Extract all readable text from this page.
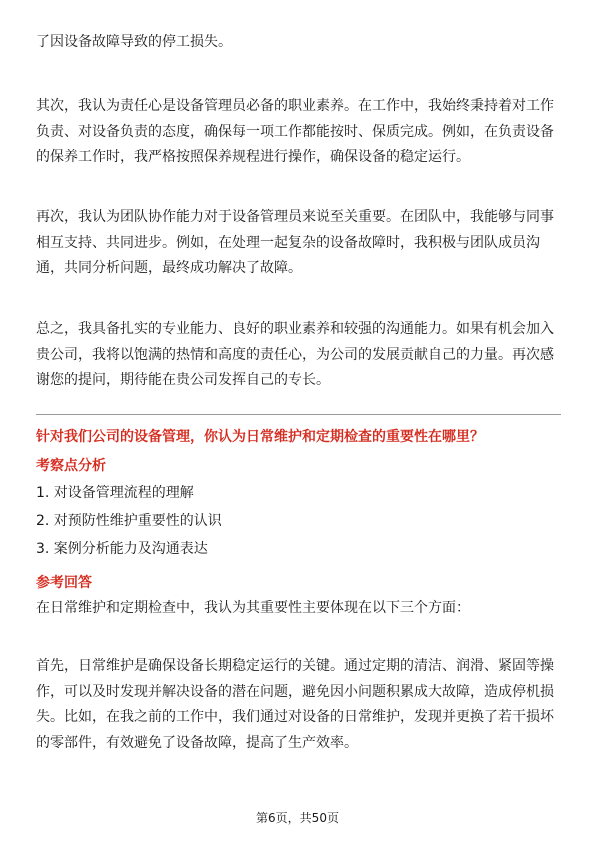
了因设备故障导致的停工损失。

其次，我认为责任心是设备管理员必备的职业素养。在工作中，我始终秉持着对工作负责、对设备负责的态度，确保每一项工作都能按时、保质完成。例如，在负责设备的保养工作时，我严格按照保养规程进行操作，确保设备的稳定运行。

再次，我认为团队协作能力对于设备管理员来说至关重要。在团队中，我能够与同事相互支持、共同进步。例如，在处理一起复杂的设备故障时，我积极与团队成员沟通，共同分析问题，最终成功解决了故障。

总之，我具备扎实的专业能力、良好的职业素养和较强的沟通能力。如果有机会加入贵公司，我将以饱满的热情和高度的责任心，为公司的发展贡献自己的力量。再次感谢您的提问，期待能在贵公司发挥自己的专长。

针对我们公司的设备管理，你认为日常维护和定期检查的重要性在哪里？

考察点分析

1. 对设备管理流程的理解

2. 对预防性维护重要性的认识

3. 案例分析能力及沟通表达

参考回答

在日常维护和定期检查中，我认为其重要性主要体现在以下三个方面：

首先，日常维护是确保设备长期稳定运行的关键。通过定期的清洁、润滑、紧固等操作，可以及时发现并解决设备的潜在问题，避免因小问题积累成大故障，造成停机损失。比如，在我之前的工作中，我们通过对设备的日常维护，发现并更换了若干损坏的零部件，有效避免了设备故障，提高了生产效率。

第6页，共50页
